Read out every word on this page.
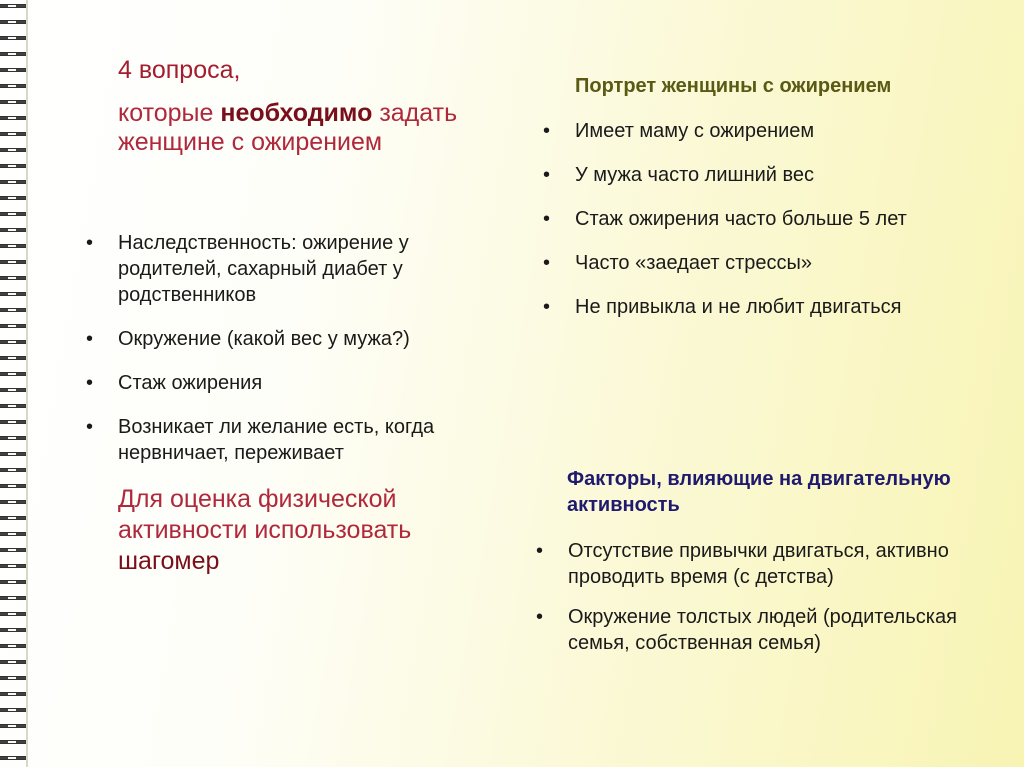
4 вопроса,
которые необходимо задать женщине с ожирением
• Наследственность: ожирение у родителей, сахарный диабет у родственников
• Окружение (какой вес у мужа?)
• Стаж ожирения
• Возникает ли желание есть, когда нервничает, переживает
Для оценка физической активности использовать шагомер
Портрет женщины с ожирением
• Имеет маму с ожирением
• У мужа часто лишний вес
• Стаж ожирения часто больше 5 лет
• Часто «заедает стрессы»
• Не привыкла и не любит двигаться
Факторы, влияющие на двигательную активность
• Отсутствие привычки двигаться, активно проводить время (с детства)
• Окружение толстых людей (родительская семья, собственная семья)
